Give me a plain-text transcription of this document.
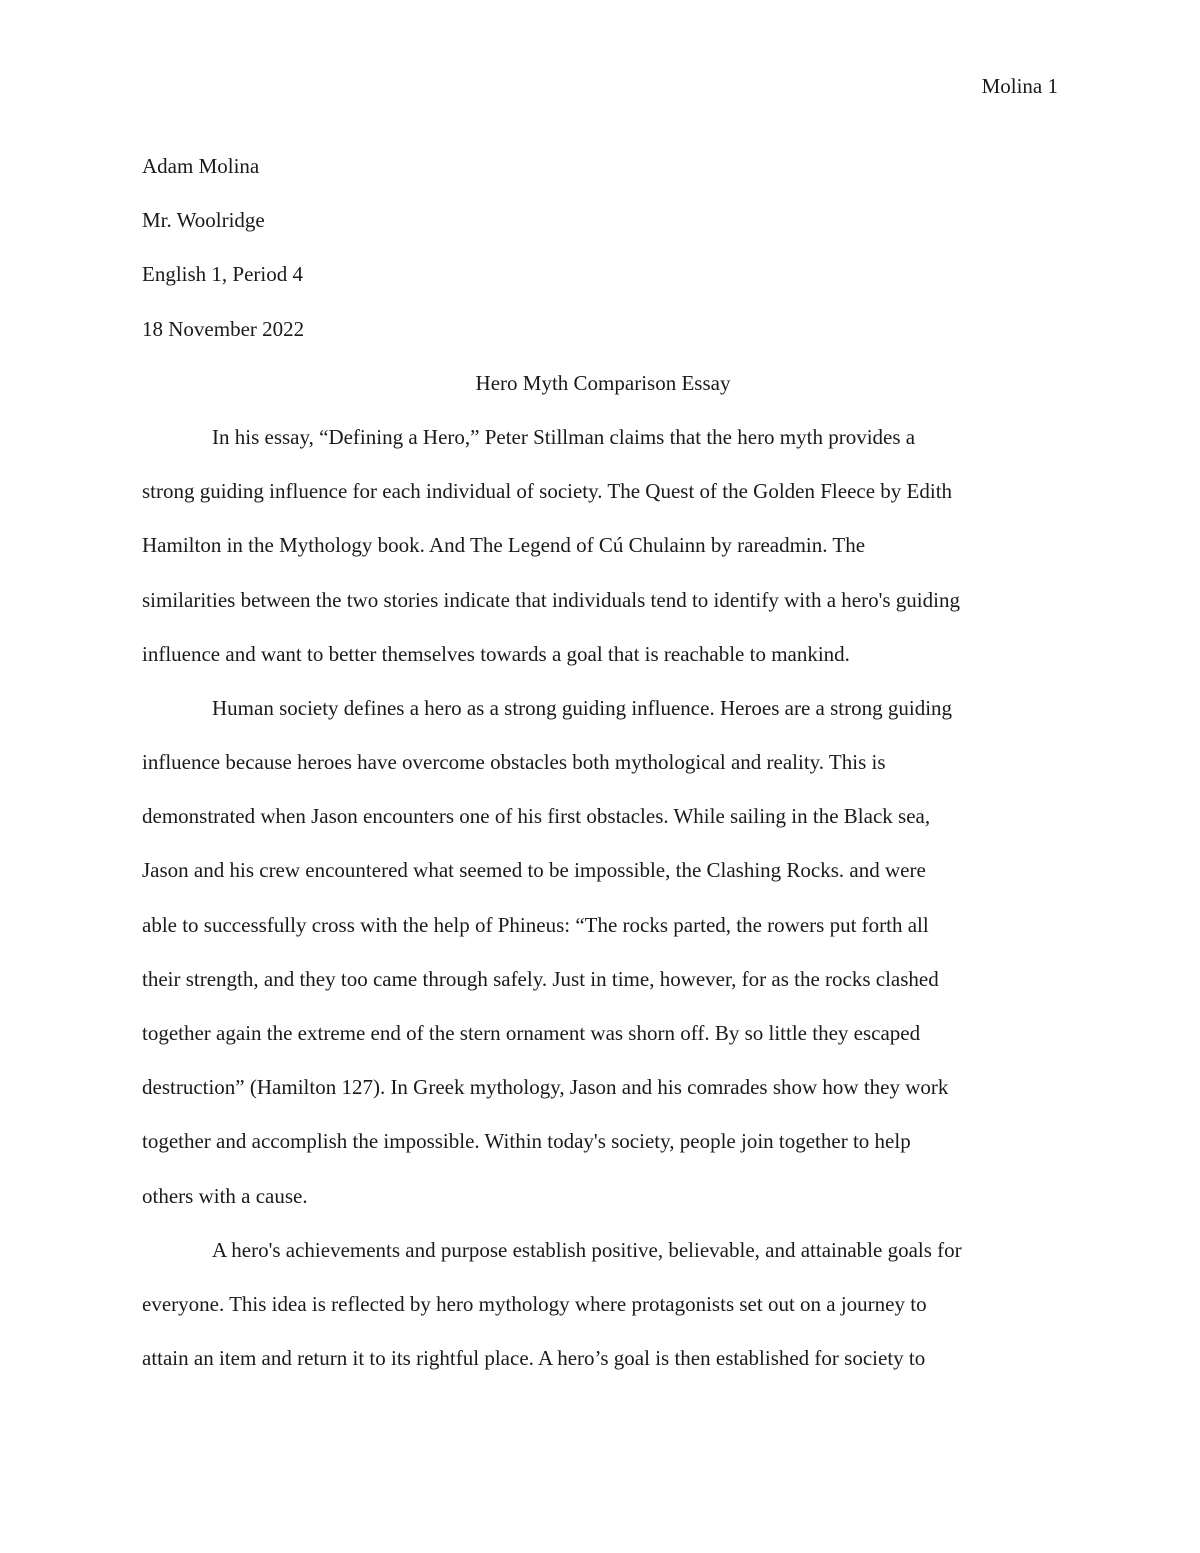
Molina 1
Adam Molina
Mr. Woolridge
English 1, Period 4
18 November 2022
Hero Myth Comparison Essay
In his essay, “Defining a Hero,” Peter Stillman claims that the hero myth provides a
strong guiding influence for each individual of society. The Quest of the Golden Fleece by Edith
Hamilton in the Mythology book. And The Legend of Cú Chulainn by rareadmin. The
similarities between the two stories indicate that individuals tend to identify with a hero's guiding
influence and want to better themselves towards a goal that is reachable to mankind.
Human society defines a hero as a strong guiding influence. Heroes are a strong guiding
influence because heroes have overcome obstacles both mythological and reality. This is
demonstrated when Jason encounters one of his first obstacles. While sailing in the Black sea,
Jason and his crew encountered what seemed to be impossible, the Clashing Rocks. and were
able to successfully cross with the help of Phineus: “The rocks parted, the rowers put forth all
their strength, and they too came through safely. Just in time, however, for as the rocks clashed
together again the extreme end of the stern ornament was shorn off. By so little they escaped
destruction” (Hamilton 127). In Greek mythology, Jason and his comrades show how they work
together and accomplish the impossible. Within today's society, people join together to help
others with a cause.
A hero's achievements and purpose establish positive, believable, and attainable goals for
everyone. This idea is reflected by hero mythology where protagonists set out on a journey to
attain an item and return it to its rightful place. A hero’s goal is then established for society to
